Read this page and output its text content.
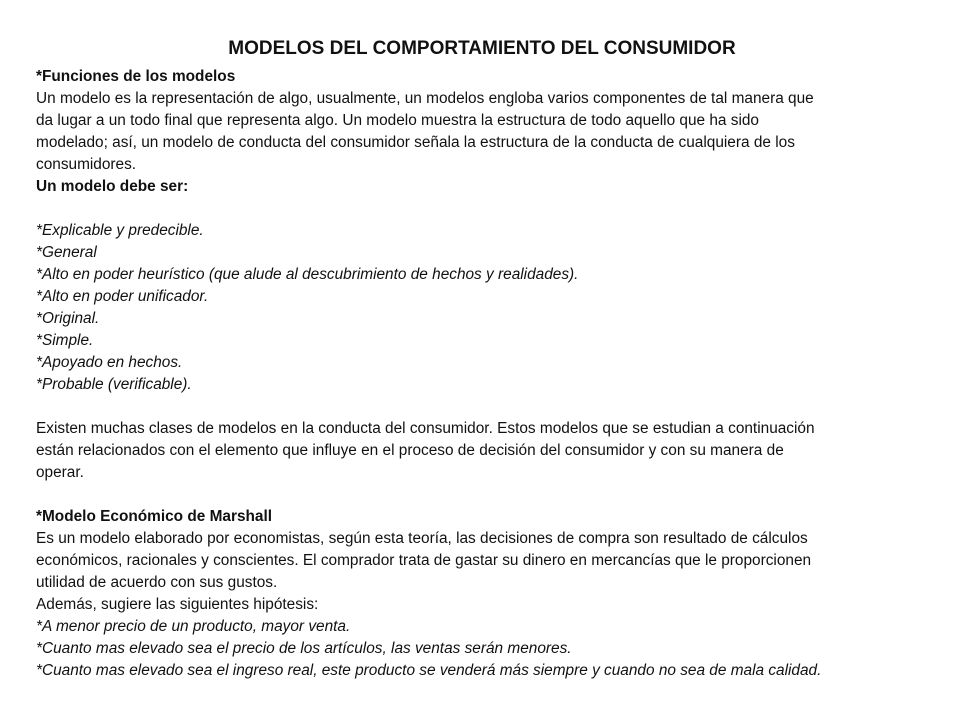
MODELOS DEL COMPORTAMIENTO DEL CONSUMIDOR
*Funciones de los modelos
Un modelo es la representación de algo, usualmente, un modelos engloba varios componentes de tal manera que
da lugar a un todo final que representa algo. Un modelo muestra la estructura de todo aquello que ha sido
modelado; así, un modelo de conducta del consumidor señala la estructura de la conducta de cualquiera de los
consumidores.
Un modelo debe ser:
*Explicable y predecible.
*General
*Alto en poder heurístico (que alude al descubrimiento de hechos y realidades).
*Alto en poder unificador.
*Original.
*Simple.
*Apoyado en hechos.
*Probable (verificable).
Existen muchas clases de modelos en la conducta del consumidor. Estos modelos que se estudian a continuación
están relacionados con el elemento que influye en el proceso de decisión del consumidor y con su manera de
operar.
*Modelo Económico de Marshall
Es un modelo elaborado por economistas, según esta teoría, las decisiones de compra son resultado de cálculos
económicos, racionales y conscientes. El comprador trata de gastar su dinero en mercancías que le proporcionen
utilidad de acuerdo con sus gustos.
Además, sugiere las siguientes hipótesis:
*A menor precio de un producto, mayor venta.
*Cuanto mas elevado sea el precio de los artículos, las ventas serán menores.
*Cuanto mas elevado sea el ingreso real, este producto se venderá más siempre y cuando no sea de mala calidad.
